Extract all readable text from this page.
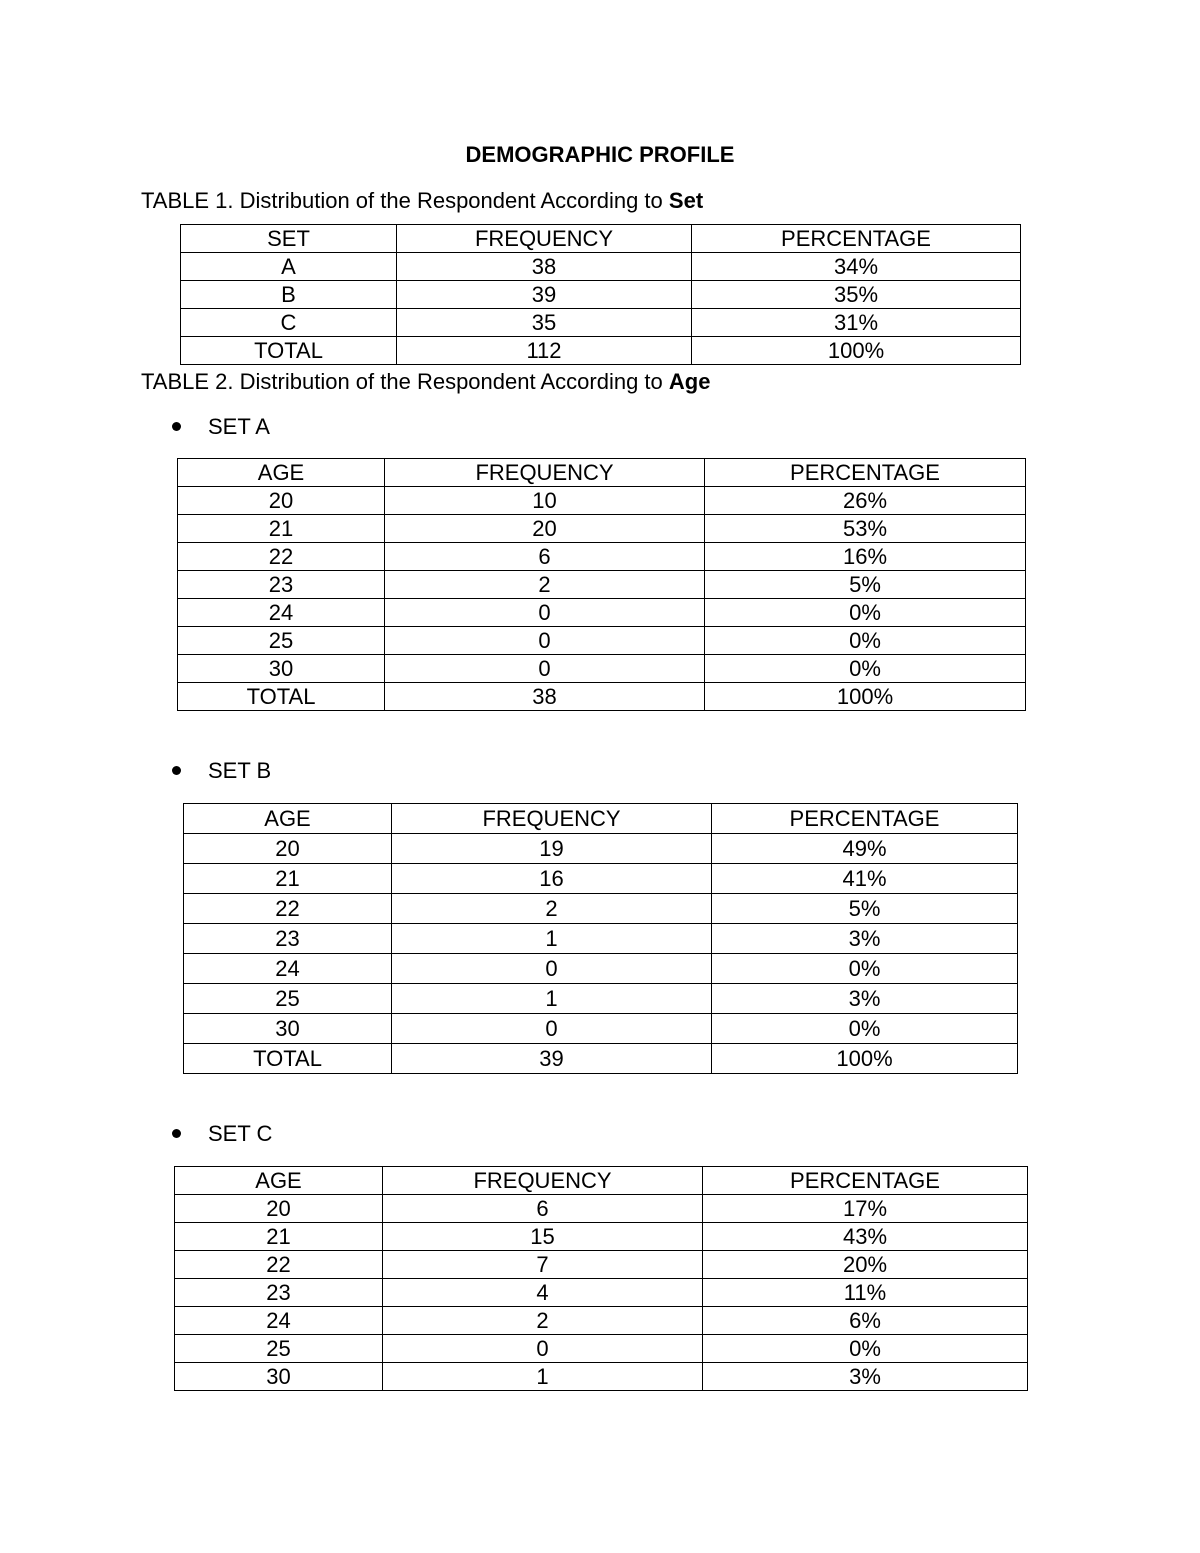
DEMOGRAPHIC PROFILE
TABLE 1. Distribution of the Respondent According to Set
SET	FREQUENCY	PERCENTAGE
A	38	34%
B	39	35%
C	35	31%
TOTAL	112	100%
TABLE 2. Distribution of the Respondent According to Age
SET A
AGE	FREQUENCY	PERCENTAGE
20	10	26%
21	20	53%
22	6	16%
23	2	5%
24	0	0%
25	0	0%
30	0	0%
TOTAL	38	100%
SET B
AGE	FREQUENCY	PERCENTAGE
20	19	49%
21	16	41%
22	2	5%
23	1	3%
24	0	0%
25	1	3%
30	0	0%
TOTAL	39	100%
SET C
AGE	FREQUENCY	PERCENTAGE
20	6	17%
21	15	43%
22	7	20%
23	4	11%
24	2	6%
25	0	0%
30	1	3%
